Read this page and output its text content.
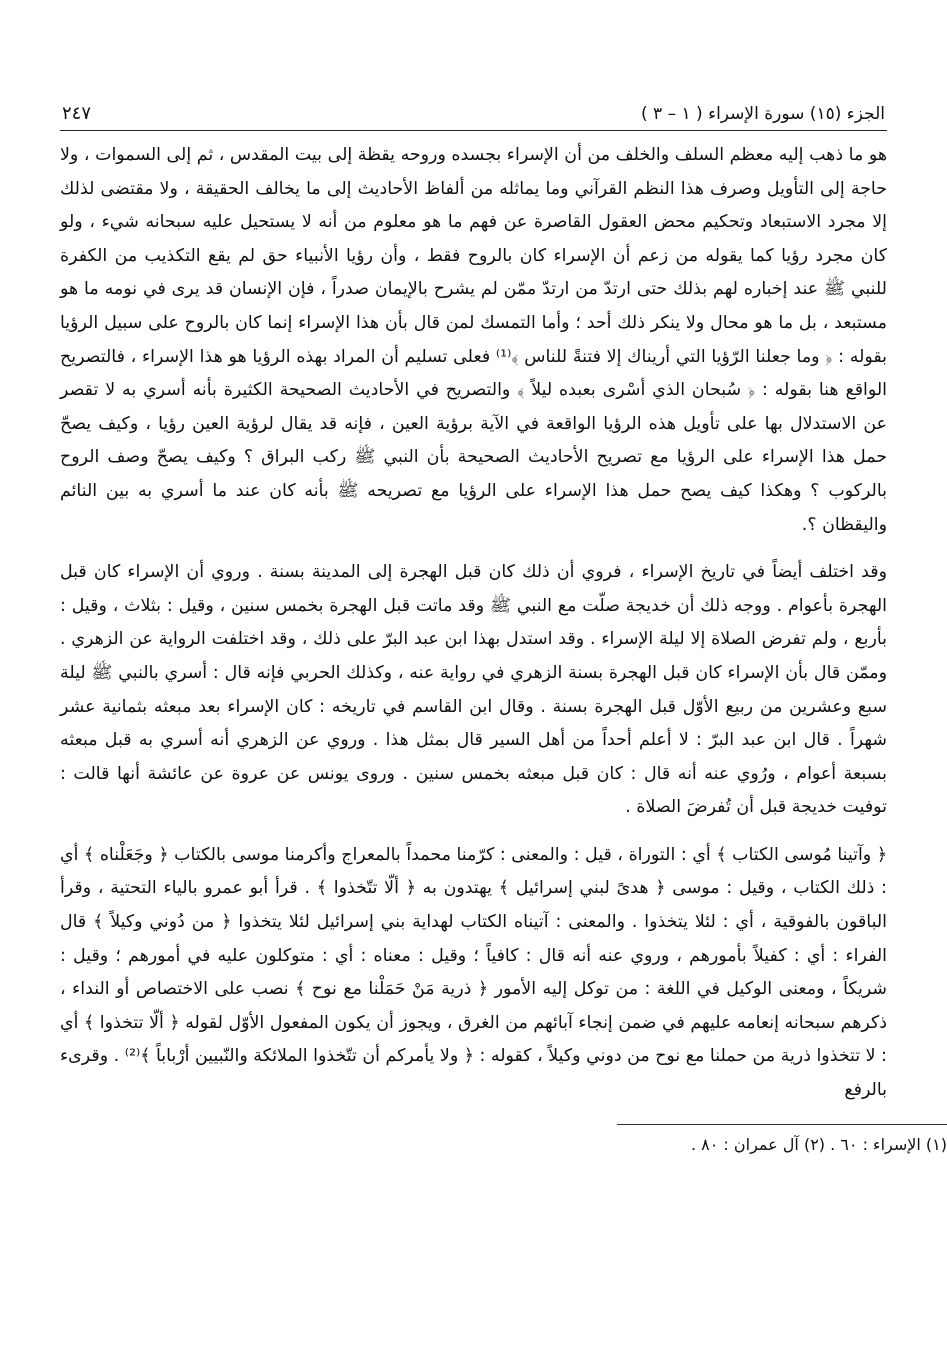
الجزء (١٥) سورة الإسراء ( ١ – ٣ )
٢٤٧

هو ما ذهب إليه معظم السلف والخلف من أن الإسراء بجسده وروحه يقظة إلى بيت المقدس ، ثم إلى السموات ، ولا حاجة إلى التأويل وصرف هذا النظم القرآني وما يماثله من ألفاظ الأحاديث إلى ما يخالف الحقيقة ، ولا مقتضى لذلك إلا مجرد الاستبعاد وتحكيم محض العقول القاصرة عن فهم ما هو معلوم من أنه لا يستحيل عليه سبحانه شيء ، ولو كان مجرد رؤيا كما يقوله من زعم أن الإسراء كان بالروح فقط ، وأن رؤيا الأنبياء حق لم يقع التكذيب من الكفرة للنبي ﷺ عند إخباره لهم بذلك حتى ارتدّ من ارتدّ ممّن لم يشرح بالإيمان صدراً ، فإن الإنسان قد يرى في نومه ما هو مستبعد ، بل ما هو محال ولا ينكر ذلك أحد ؛ وأما التمسك لمن قال بأن هذا الإسراء إنما كان بالروح على سبيل الرؤيا بقوله : ﴿ وما جعلنا الرّؤيا التي أريناك إلا فتنةً للناس ﴾⁽¹⁾ فعلى تسليم أن المراد بهذه الرؤيا هو هذا الإسراء ، فالتصريح الواقع هنا بقوله : ﴿ سُبحان الذي أسْرى بعبده ليلاً ﴾ والتصريح في الأحاديث الصحيحة الكثيرة بأنه أسري به لا تقصر عن الاستدلال بها على تأويل هذه الرؤيا الواقعة في الآية برؤية العين ، فإنه قد يقال لرؤية العين رؤيا ، وكيف يصحّ حمل هذا الإسراء على الرؤيا مع تصريح الأحاديث الصحيحة بأن النبي ﷺ ركب البراق ؟ وكيف يصحّ وصف الروح بالركوب ؟ وهكذا كيف يصح حمل هذا الإسراء على الرؤيا مع تصريحه ﷺ بأنه كان عند ما أسري به بين النائم واليقظان ؟.

وقد اختلف أيضاً في تاريخ الإسراء ، فروي أن ذلك كان قبل الهجرة إلى المدينة بسنة . وروي أن الإسراء كان قبل الهجرة بأعوام . ووجه ذلك أن خديجة صلّت مع النبي ﷺ وقد ماتت قبل الهجرة بخمس سنين ، وقيل : بثلاث ، وقيل : بأربع ، ولم تفرض الصلاة إلا ليلة الإسراء . وقد استدل بهذا ابن عبد البرّ على ذلك ، وقد اختلفت الرواية عن الزهري . وممّن قال بأن الإسراء كان قبل الهجرة بسنة الزهري في رواية عنه ، وكذلك الحربي فإنه قال : أسري بالنبي ﷺ ليلة سبع وعشرين من ربيع الأوّل قبل الهجرة بسنة . وقال ابن القاسم في تاريخه : كان الإسراء بعد مبعثه بثمانية عشر شهراً . قال ابن عبد البرّ : لا أعلم أحداً من أهل السير قال بمثل هذا . وروي عن الزهري أنه أسري به قبل مبعثه بسبعة أعوام ، ورُوي عنه أنه قال : كان قبل مبعثه بخمس سنين . وروى يونس عن عروة عن عائشة أنها قالت : توفيت خديجة قبل أن تُفرضَ الصلاة .

﴿ وآتينا مُوسى الكتاب ﴾ أي : التوراة ، قيل : والمعنى : كرّمنا محمداً بالمعراج وأكرمنا موسى بالكتاب ﴿ وجَعَلْناه ﴾ أي : ذلك الكتاب ، وقيل : موسى ﴿ هدىً لبني إسرائيل ﴾ يهتدون به ﴿ ألّا تتّخذوا ﴾ . قرأ أبو عمرو بالياء التحتية ، وقرأ الباقون بالفوقية ، أي : لئلا يتخذوا . والمعنى : آتيناه الكتاب لهداية بني إسرائيل لئلا يتخذوا ﴿ من دُوني وكيلاً ﴾ قال الفراء : أي : كفيلاً بأمورهم ، وروي عنه أنه قال : كافياً ؛ وقيل : معناه : أي : متوكلون عليه في أمورهم ؛ وقيل : شريكاً ، ومعنى الوكيل في اللغة : من توكل إليه الأمور ﴿ ذرية مَنْ حَمَلْنا مع نوح ﴾ نصب على الاختصاص أو النداء ، ذكرهم سبحانه إنعامه عليهم في ضمن إنجاء آبائهم من الغرق ، ويجوز أن يكون المفعول الأوّل لقوله ﴿ ألّا تتخذوا ﴾ أي : لا تتخذوا ذرية من حملنا مع نوح من دوني وكيلاً ، كقوله : ﴿ ولا يأمركم أن تتّخذوا الملائكة والنّبيين أرْباباً ﴾⁽²⁾ . وقرىء بالرفع

(١) الإسراء : ٦٠ . (٢) آل عمران : ٨٠ .
